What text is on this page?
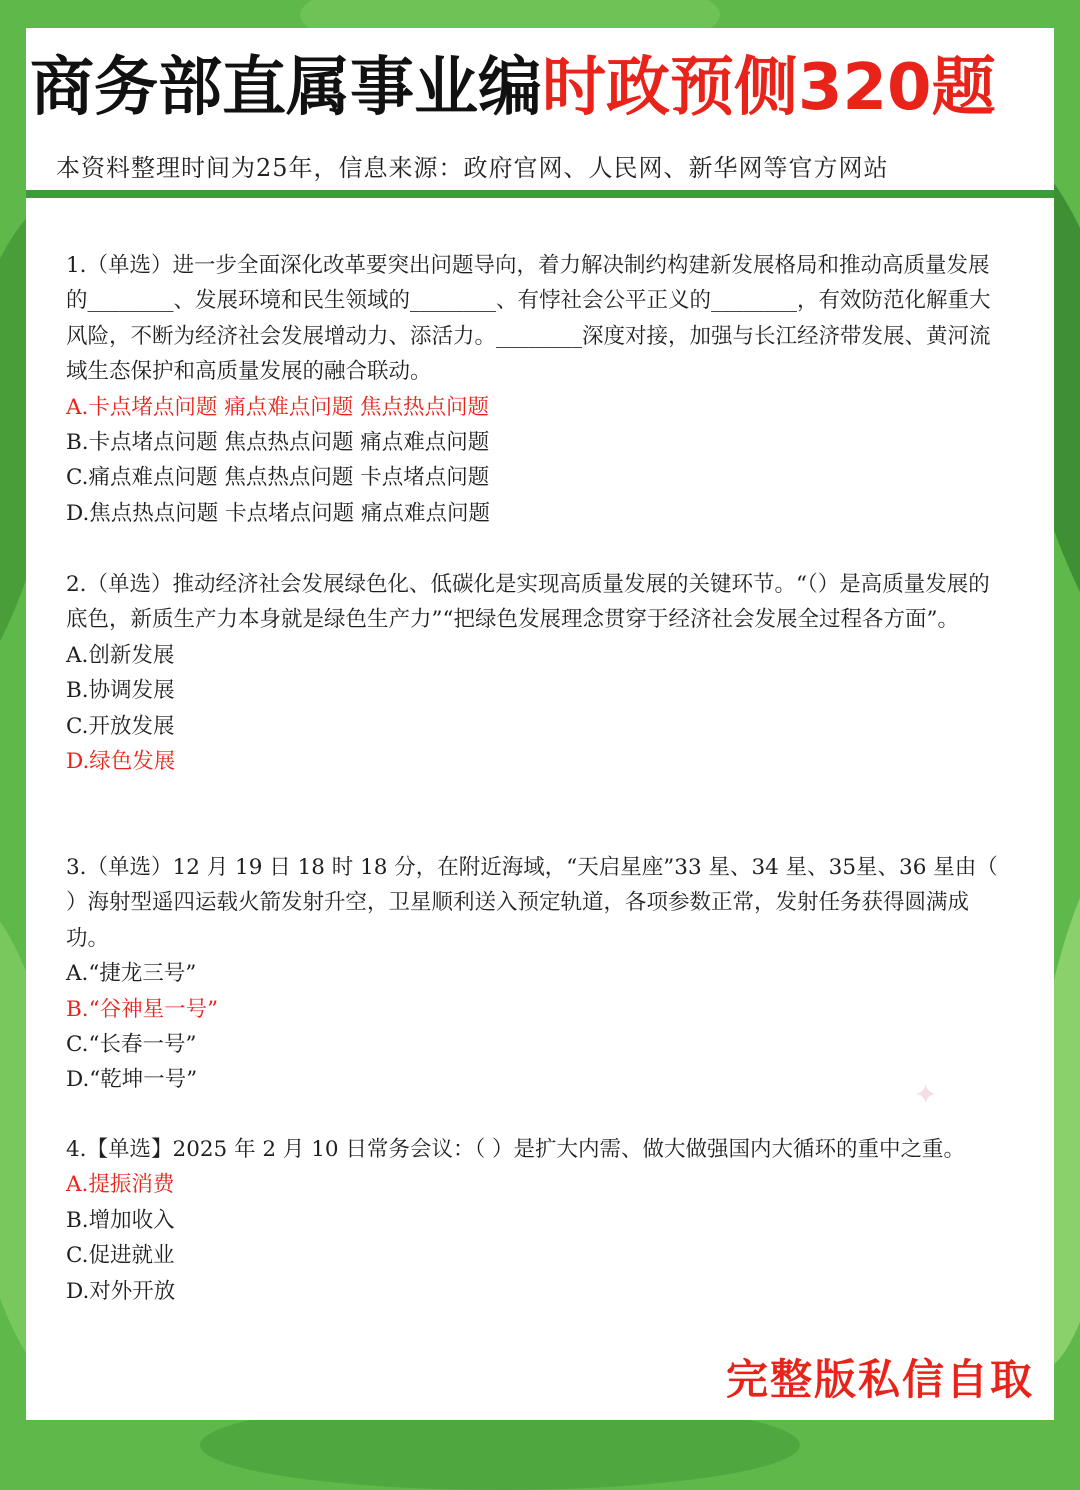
商务部直属事业编时政预侧320题
本资料整理时间为25年，信息来源：政府官网、人民网、新华网等官方网站

1.（单选）进一步全面深化改革要突出问题导向，着力解决制约构建新发展格局和推动高质量发展的________、发展环境和民生领域的________、有悖社会公平正义的________，有效防范化解重大风险，不断为经济社会发展增动力、添活力。________深度对接，加强与长江经济带发展、黄河流域生态保护和高质量发展的融合联动。

A.卡点堵点问题 痛点难点问题 焦点热点问题

B.卡点堵点问题 焦点热点问题 痛点难点问题

C.痛点难点问题 焦点热点问题 卡点堵点问题

D.焦点热点问题 卡点堵点问题 痛点难点问题

2.（单选）推动经济社会发展绿色化、低碳化是实现高质量发展的关键环节。“（）是高质量发展的底色，新质生产力本身就是绿色生产力”“把绿色发展理念贯穿于经济社会发展全过程各方面”。

A.创新发展

B.协调发展

C.开放发展

D.绿色发展

3.（单选）12 月 19 日 18 时 18 分，在附近海域，“天启星座”33 星、34 星、35星、36 星由（ ）海射型遥四运载火箭发射升空，卫星顺利送入预定轨道，各项参数正常，发射任务获得圆满成功。

A.“捷龙三号”

B.“谷神星一号”

C.“长春一号”

D.“乾坤一号”	✦

4.【单选】2025 年 2 月 10 日常务会议：（ ）是扩大内需、做大做强国内大循环的重中之重。

A.提振消费

B.增加收入

C.促进就业

D.对外开放

完整版私信自取
